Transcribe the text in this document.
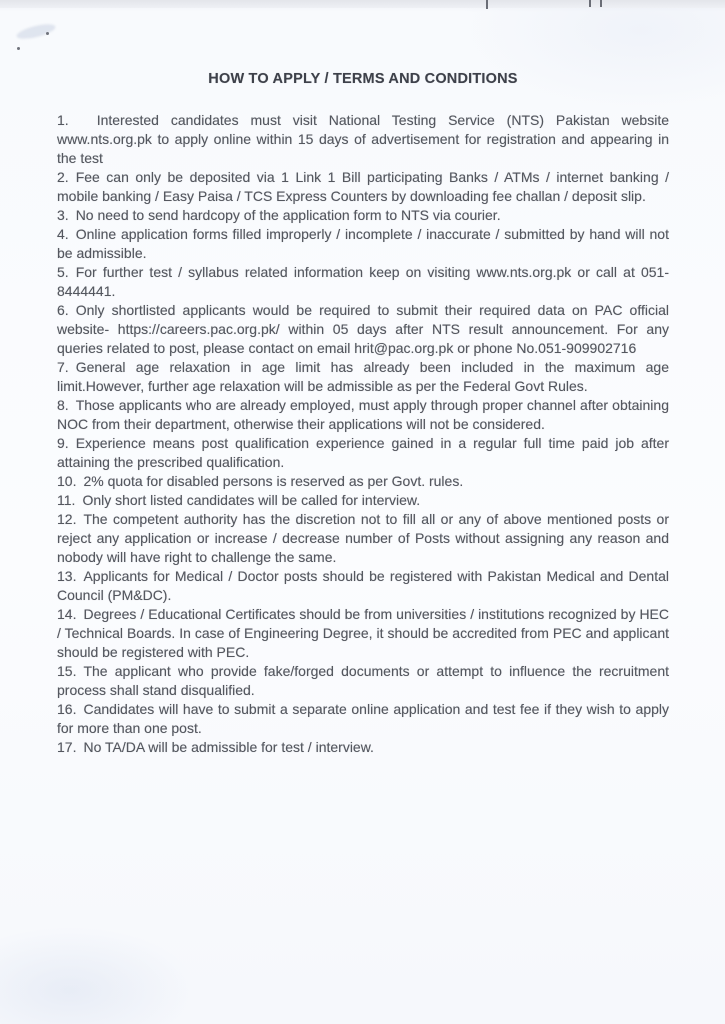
HOW TO APPLY / TERMS AND CONDITIONS

1. Interested candidates must visit National Testing Service (NTS) Pakistan website www.nts.org.pk to apply online within 15 days of advertisement for registration and appearing in the test

2. Fee can only be deposited via 1 Link 1 Bill participating Banks / ATMs / internet banking / mobile banking / Easy Paisa / TCS Express Counters by downloading fee challan / deposit slip.

3. No need to send hardcopy of the application form to NTS via courier.

4. Online application forms filled improperly / incomplete / inaccurate / submitted by hand will not be admissible.

5. For further test / syllabus related information keep on visiting www.nts.org.pk or call at 051-8444441.

6. Only shortlisted applicants would be required to submit their required data on PAC official website- https://careers.pac.org.pk/ within 05 days after NTS result announcement. For any queries related to post, please contact on email hrit@pac.org.pk or phone No.051-909902716

7. General age relaxation in age limit has already been included in the maximum age limit.However, further age relaxation will be admissible as per the Federal Govt Rules.

8. Those applicants who are already employed, must apply through proper channel after obtaining NOC from their department, otherwise their applications will not be considered.

9. Experience means post qualification experience gained in a regular full time paid job after attaining the prescribed qualification.

10. 2% quota for disabled persons is reserved as per Govt. rules.

11. Only short listed candidates will be called for interview.

12. The competent authority has the discretion not to fill all or any of above mentioned posts or reject any application or increase / decrease number of Posts without assigning any reason and nobody will have right to challenge the same.

13. Applicants for Medical / Doctor posts should be registered with Pakistan Medical and Dental Council (PM&DC).

14. Degrees / Educational Certificates should be from universities / institutions recognized by HEC / Technical Boards. In case of Engineering Degree, it should be accredited from PEC and applicant should be registered with PEC.

15. The applicant who provide fake/forged documents or attempt to influence the recruitment process shall stand disqualified.

16. Candidates will have to submit a separate online application and test fee if they wish to apply for more than one post.

17. No TA/DA will be admissible for test / interview.
